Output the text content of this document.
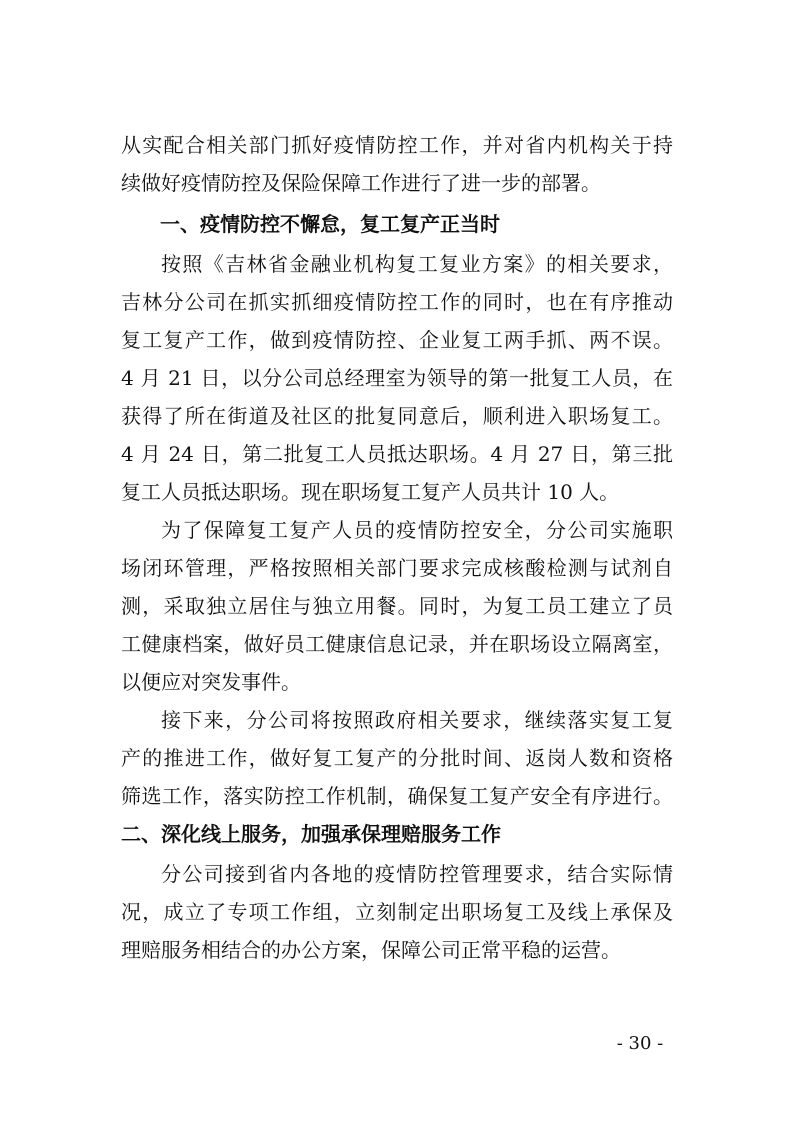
从实配合相关部门抓好疫情防控工作，并对省内机构关于持
续做好疫情防控及保险保障工作进行了进一步的部署。
一、疫情防控不懈怠，复工复产正当时
按照《吉林省金融业机构复工复业方案》的相关要求，
吉林分公司在抓实抓细疫情防控工作的同时，也在有序推动
复工复产工作，做到疫情防控、企业复工两手抓、两不误。
4 月 21 日，以分公司总经理室为领导的第一批复工人员，在
获得了所在街道及社区的批复同意后，顺利进入职场复工。
4 月 24 日，第二批复工人员抵达职场。4 月 27 日，第三批
复工人员抵达职场。现在职场复工复产人员共计 10 人。
为了保障复工复产人员的疫情防控安全，分公司实施职
场闭环管理，严格按照相关部门要求完成核酸检测与试剂自
测，采取独立居住与独立用餐。同时，为复工员工建立了员
工健康档案，做好员工健康信息记录，并在职场设立隔离室，
以便应对突发事件。
接下来，分公司将按照政府相关要求，继续落实复工复
产的推进工作，做好复工复产的分批时间、返岗人数和资格
筛选工作，落实防控工作机制，确保复工复产安全有序进行。
二、深化线上服务，加强承保理赔服务工作
分公司接到省内各地的疫情防控管理要求，结合实际情
况，成立了专项工作组，立刻制定出职场复工及线上承保及
理赔服务相结合的办公方案，保障公司正常平稳的运营。
- 30 -
